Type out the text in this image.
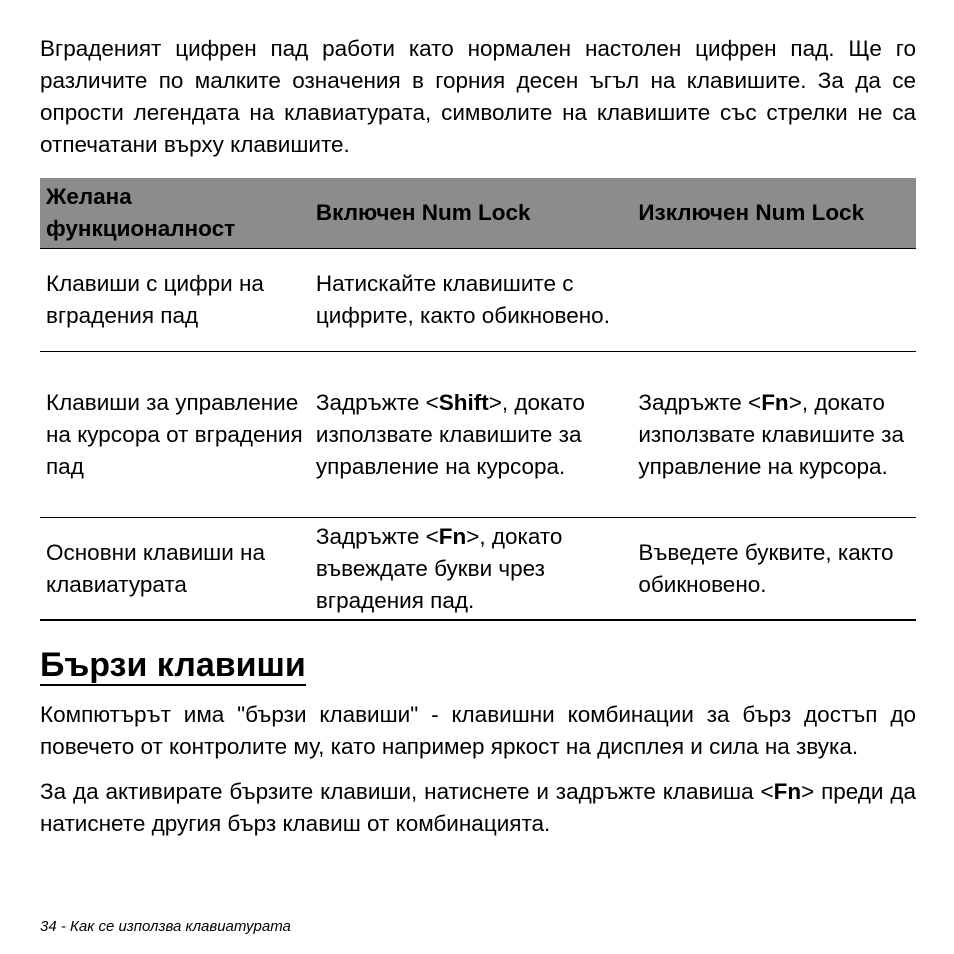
Вграденият цифрен пад работи като нормален настолен цифрен пад. Ще го различите по малките означения в горния десен ъгъл на клавишите. За да се опрости легендата на клавиатурата, символите на клавишите със стрелки не са отпечатани върху клавишите.

Желана функционалност	Включен Num Lock	Изключен Num Lock
Клавиши с цифри на вградения пад	Натискайте клавишите с цифрите, както обикновено.	
Клавиши за управление на курсора от вградения пад	Задръжте <Shift>, докато използвате клавишите за управление на курсора.	Задръжте <Fn>, докато използвате клавишите за управление на курсора.
Основни клавиши на клавиатурата	Задръжте <Fn>, докато въвеждате букви чрез вградения пад.	Въведете буквите, както обикновено.
Бързи клавиши

Компютърът има "бързи клавиши" - клавишни комбинации за бърз достъп до повечето от контролите му, като например яркост на дисплея и сила на звука.

За да активирате бързите клавиши, натиснете и задръжте клавиша <Fn> преди да натиснете другия бърз клавиш от комбинацията.

34 - Как се използва клавиатурата
